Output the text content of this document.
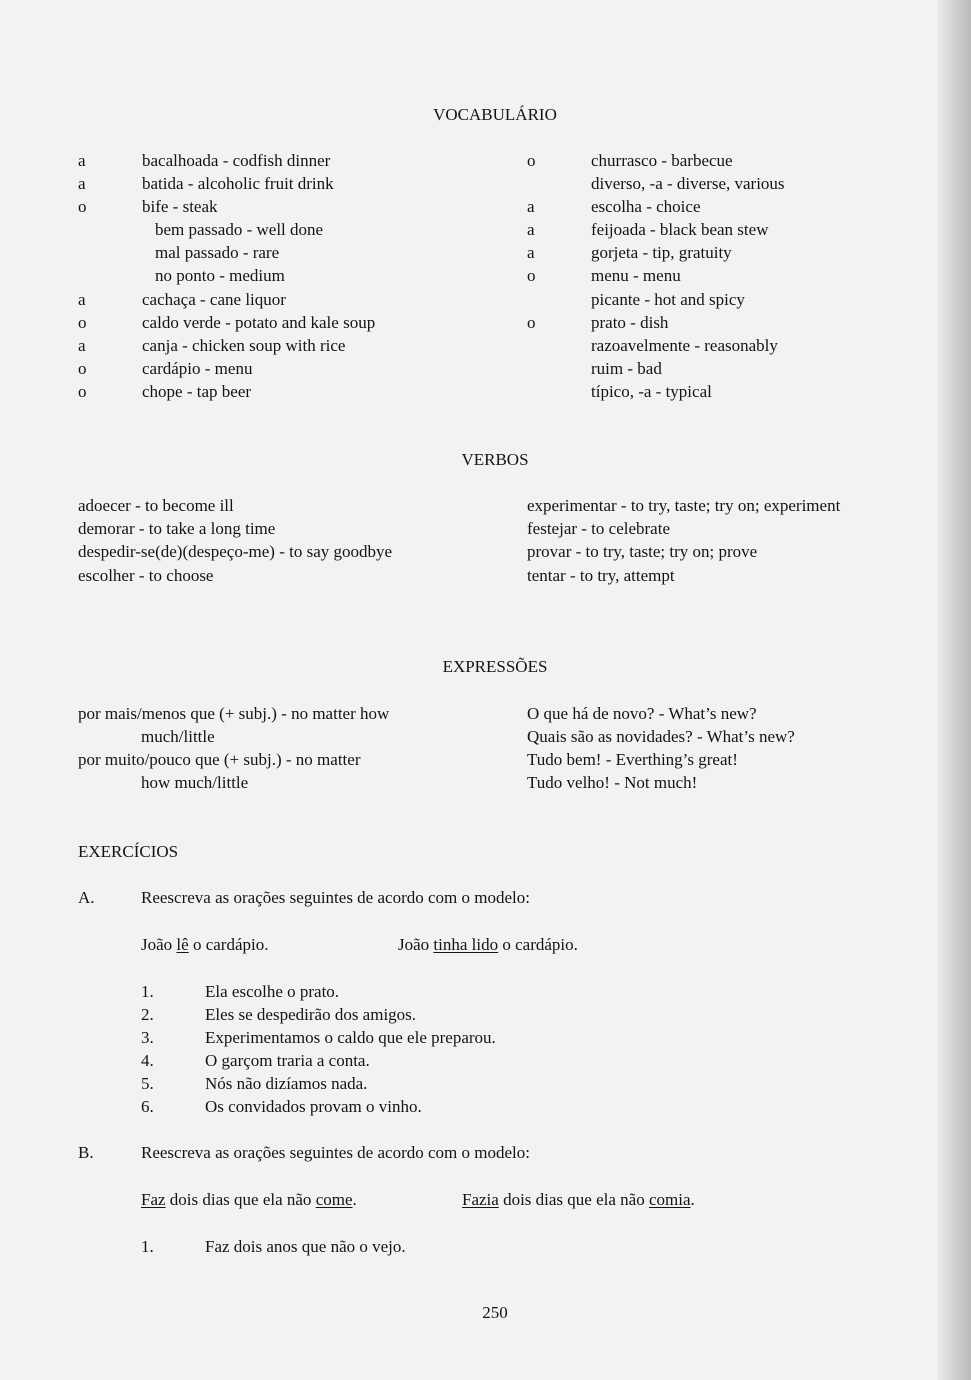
VOCABULÁRIO
a	bacalhoada - codfish dinner
a	batida - alcoholic fruit drink
o	bife - steak
bem passado - well done
mal passado - rare
no ponto - medium
a	cachaça - cane liquor
o	caldo verde - potato and kale soup
a	canja - chicken soup with rice
o	cardápio - menu
o	chope - tap beer
o	churrasco - barbecue
diverso, -a - diverse, various
a	escolha - choice
a	feijoada - black bean stew
a	gorjeta - tip, gratuity
o	menu - menu
picante - hot and spicy
o	prato - dish
razoavelmente - reasonably
ruim - bad
típico, -a - typical
VERBOS
adoecer - to become ill
demorar - to take a long time
despedir-se(de)(despeço-me) - to say goodbye
escolher - to choose
experimentar - to try, taste; try on; experiment
festejar - to celebrate
provar - to try, taste; try on; prove
tentar - to try, attempt
EXPRESSÕES
por mais/menos que (+ subj.) - no matter how
much/little
por muito/pouco que (+ subj.) - no matter
how much/little
O que há de novo? - What’s new?
Quais são as novidades? - What’s new?
Tudo bem! - Everthing’s great!
Tudo velho! - Not much!
EXERCÍCIOS
A.	Reescreva as orações seguintes de acordo com o modelo:
João lê o cardápio.	João tinha lido o cardápio.
1.	Ela escolhe o prato.
2.	Eles se despedirão dos amigos.
3.	Experimentamos o caldo que ele preparou.
4.	O garçom traria a conta.
5.	Nós não dizíamos nada.
6.	Os convidados provam o vinho.
B.	Reescreva as orações seguintes de acordo com o modelo:
Faz dois dias que ela não come.	Fazia dois dias que ela não comia.
1.	Faz dois anos que não o vejo.
250
